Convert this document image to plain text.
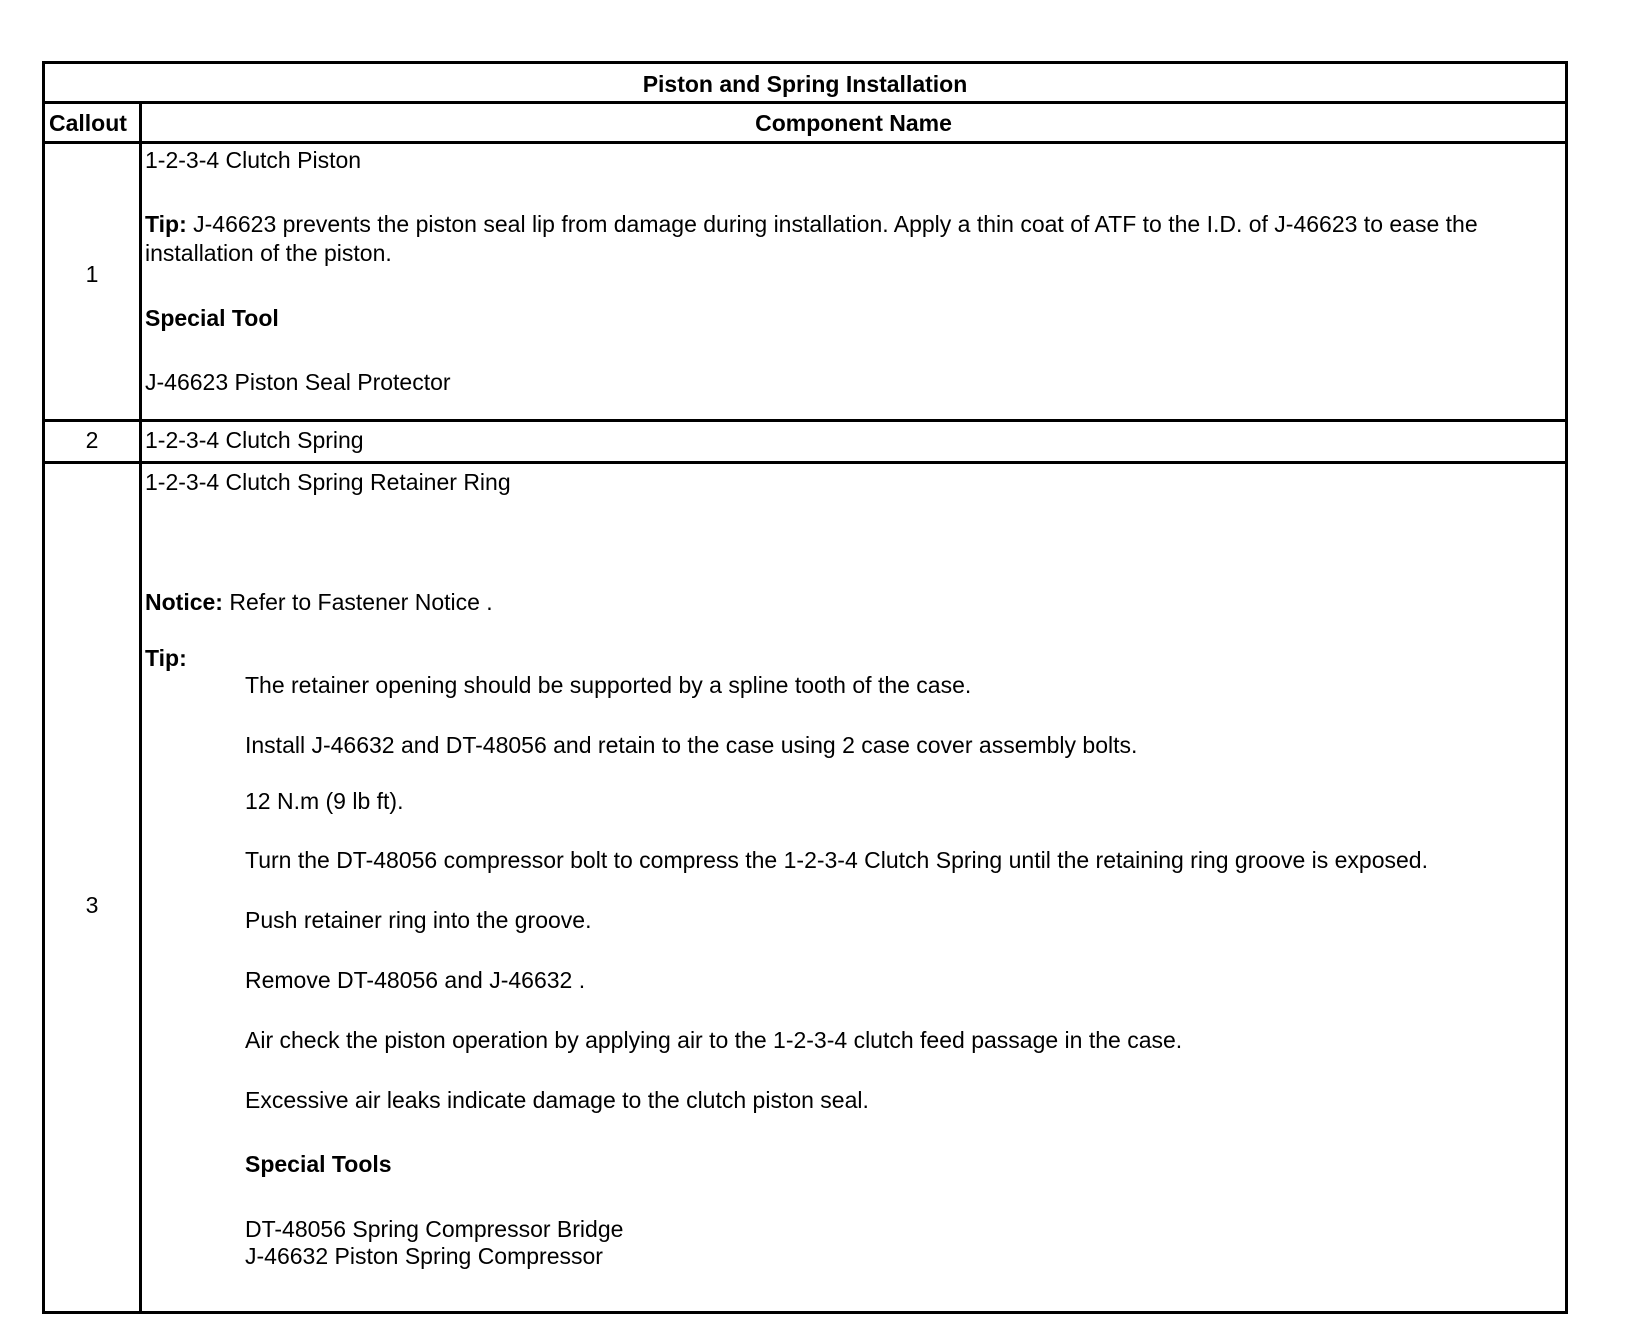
Piston and Spring Installation
Callout	Component Name
1
1-2-3-4 Clutch Piston
Tip: J-46623 prevents the piston seal lip from damage during installation. Apply a thin coat of ATF to the I.D. of J-46623 to ease the installation of the piston.
Special Tool
J-46623 Piston Seal Protector
2	1-2-3-4 Clutch Spring
3
1-2-3-4 Clutch Spring Retainer Ring
Notice: Refer to Fastener Notice .
Tip:
The retainer opening should be supported by a spline tooth of the case.
Install J-46632 and DT-48056 and retain to the case using 2 case cover assembly bolts.
12 N.m (9 lb ft).
Turn the DT-48056 compressor bolt to compress the 1-2-3-4 Clutch Spring until the retaining ring groove is exposed.
Push retainer ring into the groove.
Remove DT-48056 and J-46632 .
Air check the piston operation by applying air to the 1-2-3-4 clutch feed passage in the case.
Excessive air leaks indicate damage to the clutch piston seal.
Special Tools
DT-48056 Spring Compressor Bridge
J-46632 Piston Spring Compressor
